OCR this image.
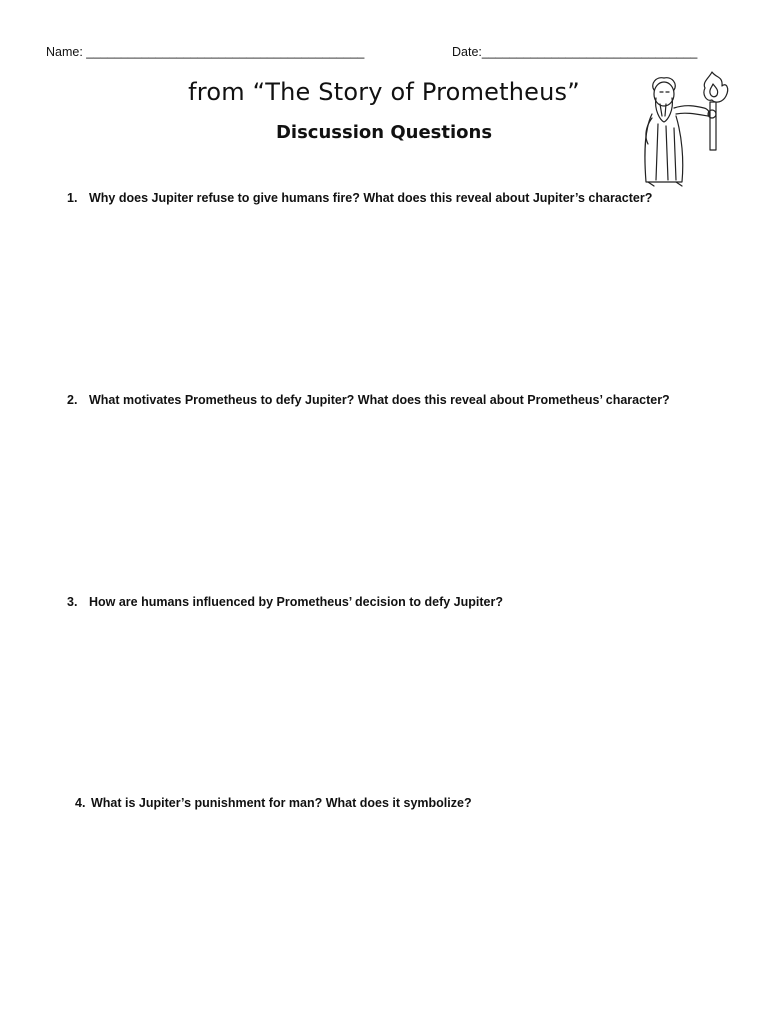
Name: ________________________________________	Date:_______________________________
from “The Story of Prometheus”
Discussion Questions
1. Why does Jupiter refuse to give humans fire? What does this reveal about Jupiter’s character?
2. What motivates Prometheus to defy Jupiter? What does this reveal about Prometheus’ character?
3. How are humans influenced by Prometheus’ decision to defy Jupiter?
4. What is Jupiter’s punishment for man? What does it symbolize?
